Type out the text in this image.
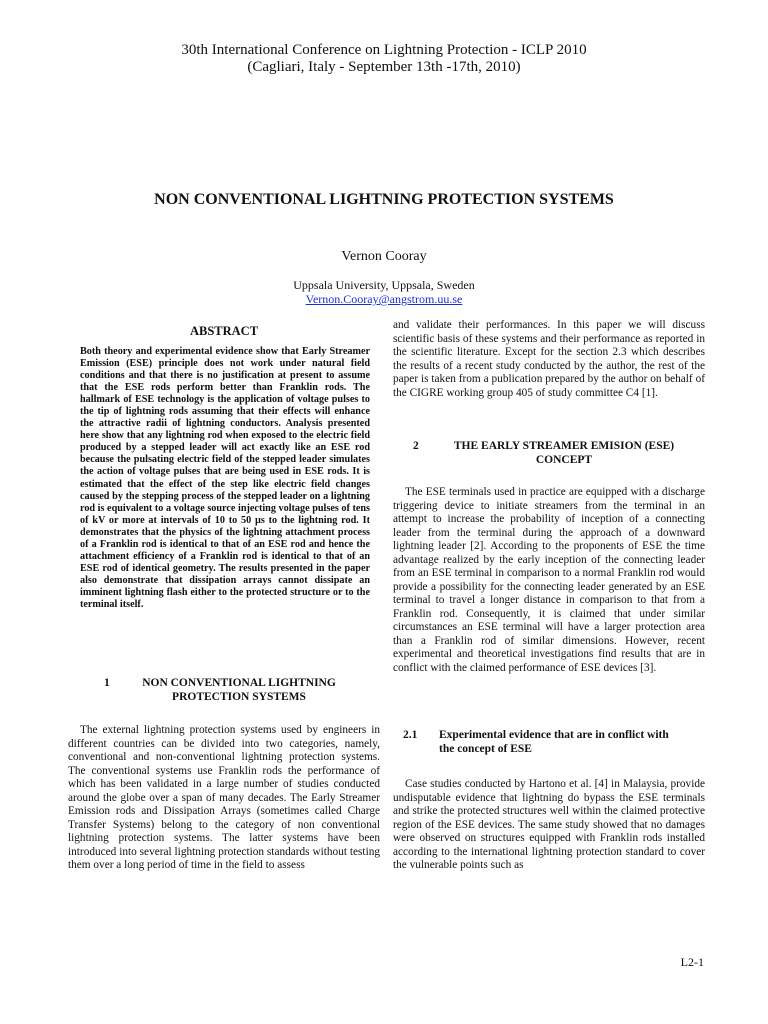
30th International Conference on Lightning Protection - ICLP 2010
(Cagliari, Italy - September 13th -17th, 2010)
NON CONVENTIONAL LIGHTNING PROTECTION SYSTEMS
Vernon Cooray
Uppsala University, Uppsala, Sweden
Vernon.Cooray@angstrom.uu.se
ABSTRACT
Both theory and experimental evidence show that Early Streamer Emission (ESE) principle does not work under natural field conditions and that there is no justification at present to assume that the ESE rods perform better than Franklin rods. The hallmark of ESE technology is the application of voltage pulses to the tip of lightning rods assuming that their effects will enhance the attractive radii of lightning conductors. Analysis presented here show that any lightning rod when exposed to the electric field produced by a stepped leader will act exactly like an ESE rod because the pulsating electric field of the stepped leader simulates the action of voltage pulses that are being used in ESE rods. It is estimated that the effect of the step like electric field changes caused by the stepping process of the stepped leader on a lightning rod is equivalent to a voltage source injecting voltage pulses of tens of kV or more at intervals of 10 to 50 µs to the lightning rod. It demonstrates that the physics of the lightning attachment process of a Franklin rod is identical to that of an ESE rod and hence the attachment efficiency of a Franklin rod is identical to that of an ESE rod of identical geometry. The results presented in the paper also demonstrate that dissipation arrays cannot dissipate an imminent lightning flash either to the protected structure or to the terminal itself.
1	NON CONVENTIONAL LIGHTNING
PROTECTION SYSTEMS

The external lightning protection systems used by engineers in different countries can be divided into two categories, namely, conventional and non-conventional lightning protection systems. The conventional systems use Franklin rods the performance of which has been validated in a large number of studies conducted around the globe over a span of many decades. The Early Streamer Emission rods and Dissipation Arrays (sometimes called Charge Transfer Systems) belong to the category of non conventional lightning protection systems. The latter systems have been introduced into several lightning protection standards without testing them over a long period of time in the field to assess

and validate their performances. In this paper we will discuss scientific basis of these systems and their performance as reported in the scientific literature. Except for the section 2.3 which describes the results of a recent study conducted by the author, the rest of the paper is taken from a publication prepared by the author on behalf of the CIGRE working group 405 of study committee C4 [1].

2	THE EARLY STREAMER EMISION (ESE)
CONCEPT

The ESE terminals used in practice are equipped with a discharge triggering device to initiate streamers from the terminal in an attempt to increase the probability of inception of a connecting leader from the terminal during the approach of a downward lightning leader [2]. According to the proponents of ESE the time advantage realized by the early inception of the connecting leader from an ESE terminal in comparison to a normal Franklin rod would provide a possibility for the connecting leader generated by an ESE terminal to travel a longer distance in comparison to that from a Franklin rod. Consequently, it is claimed that under similar circumstances an ESE terminal will have a larger protection area than a Franklin rod of similar dimensions. However, recent experimental and theoretical investigations find results that are in conflict with the claimed performance of ESE devices [3].

2.1	Experimental evidence that are in conflict with
the concept of ESE

Case studies conducted by Hartono et al. [4] in Malaysia, provide undisputable evidence that lightning do bypass the ESE terminals and strike the protected structures well within the claimed protective region of the ESE devices. The same study showed that no damages were observed on structures equipped with Franklin rods installed according to the international lightning protection standard to cover the vulnerable points such as

L2-1
